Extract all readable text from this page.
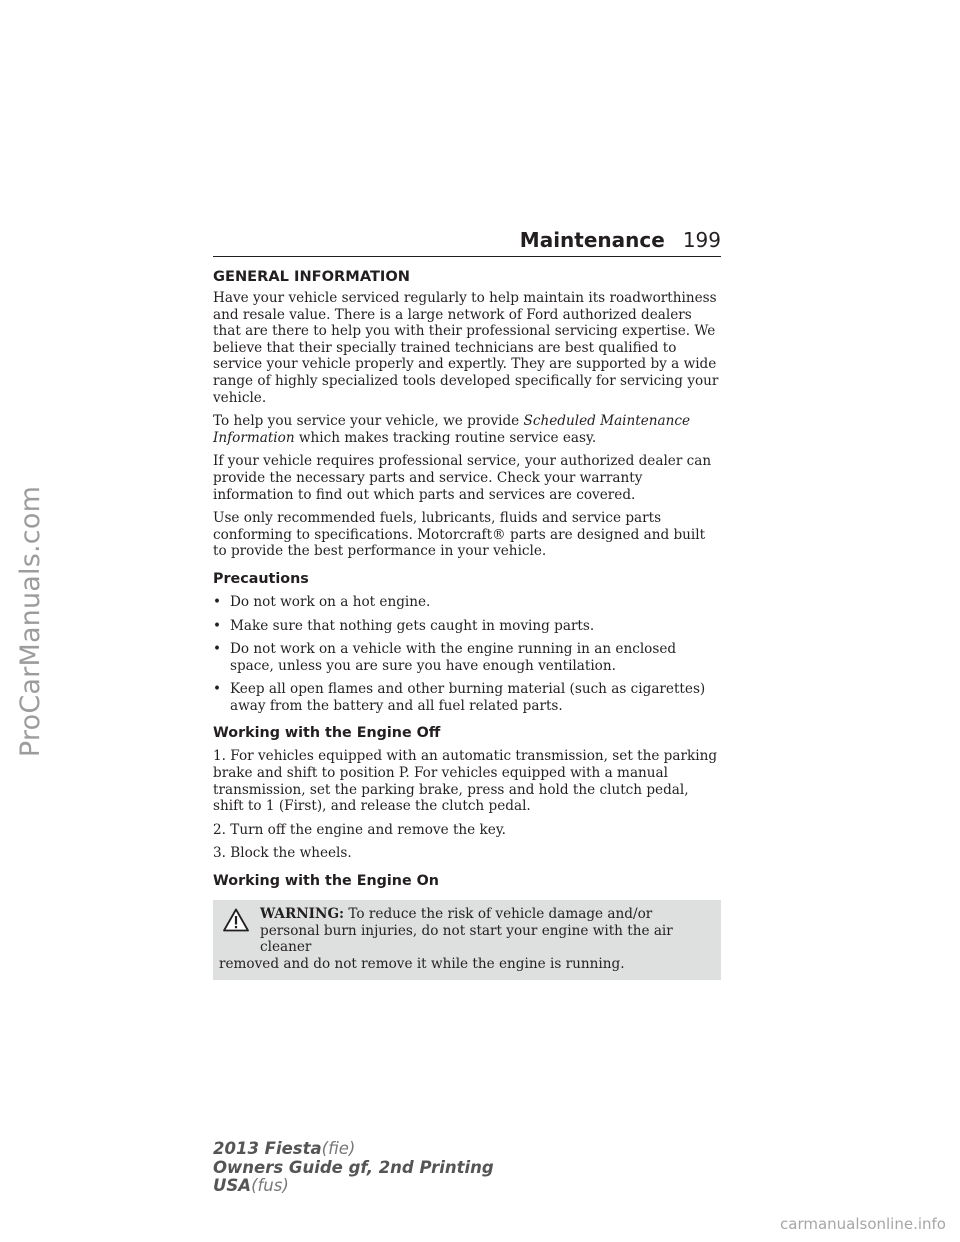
ProCarManuals.com
Maintenance 199
GENERAL INFORMATION

Have your vehicle serviced regularly to help maintain its roadworthiness and resale value. There is a large network of Ford authorized dealers that are there to help you with their professional servicing expertise. We believe that their specially trained technicians are best qualified to service your vehicle properly and expertly. They are supported by a wide range of highly specialized tools developed specifically for servicing your vehicle.

To help you service your vehicle, we provide Scheduled Maintenance Information which makes tracking routine service easy.

If your vehicle requires professional service, your authorized dealer can provide the necessary parts and service. Check your warranty information to find out which parts and services are covered.

Use only recommended fuels, lubricants, fluids and service parts conforming to specifications. Motorcraft® parts are designed and built to provide the best performance in your vehicle.

Precautions
• Do not work on a hot engine.
• Make sure that nothing gets caught in moving parts.
• Do not work on a vehicle with the engine running in an enclosed space, unless you are sure you have enough ventilation.
• Keep all open flames and other burning material (such as cigarettes) away from the battery and all fuel related parts.
Working with the Engine Off

1. For vehicles equipped with an automatic transmission, set the parking brake and shift to position P. For vehicles equipped with a manual transmission, set the parking brake, press and hold the clutch pedal, shift to 1 (First), and release the clutch pedal.

2. Turn off the engine and remove the key.

3. Block the wheels.

Working with the Engine On
WARNING: To reduce the risk of vehicle damage and/or personal burn injuries, do not start your engine with the air cleaner
removed and do not remove it while the engine is running.
2013 Fiesta(fie)
Owners Guide gf, 2nd Printing
USA(fus)
carmanualsonline.info
